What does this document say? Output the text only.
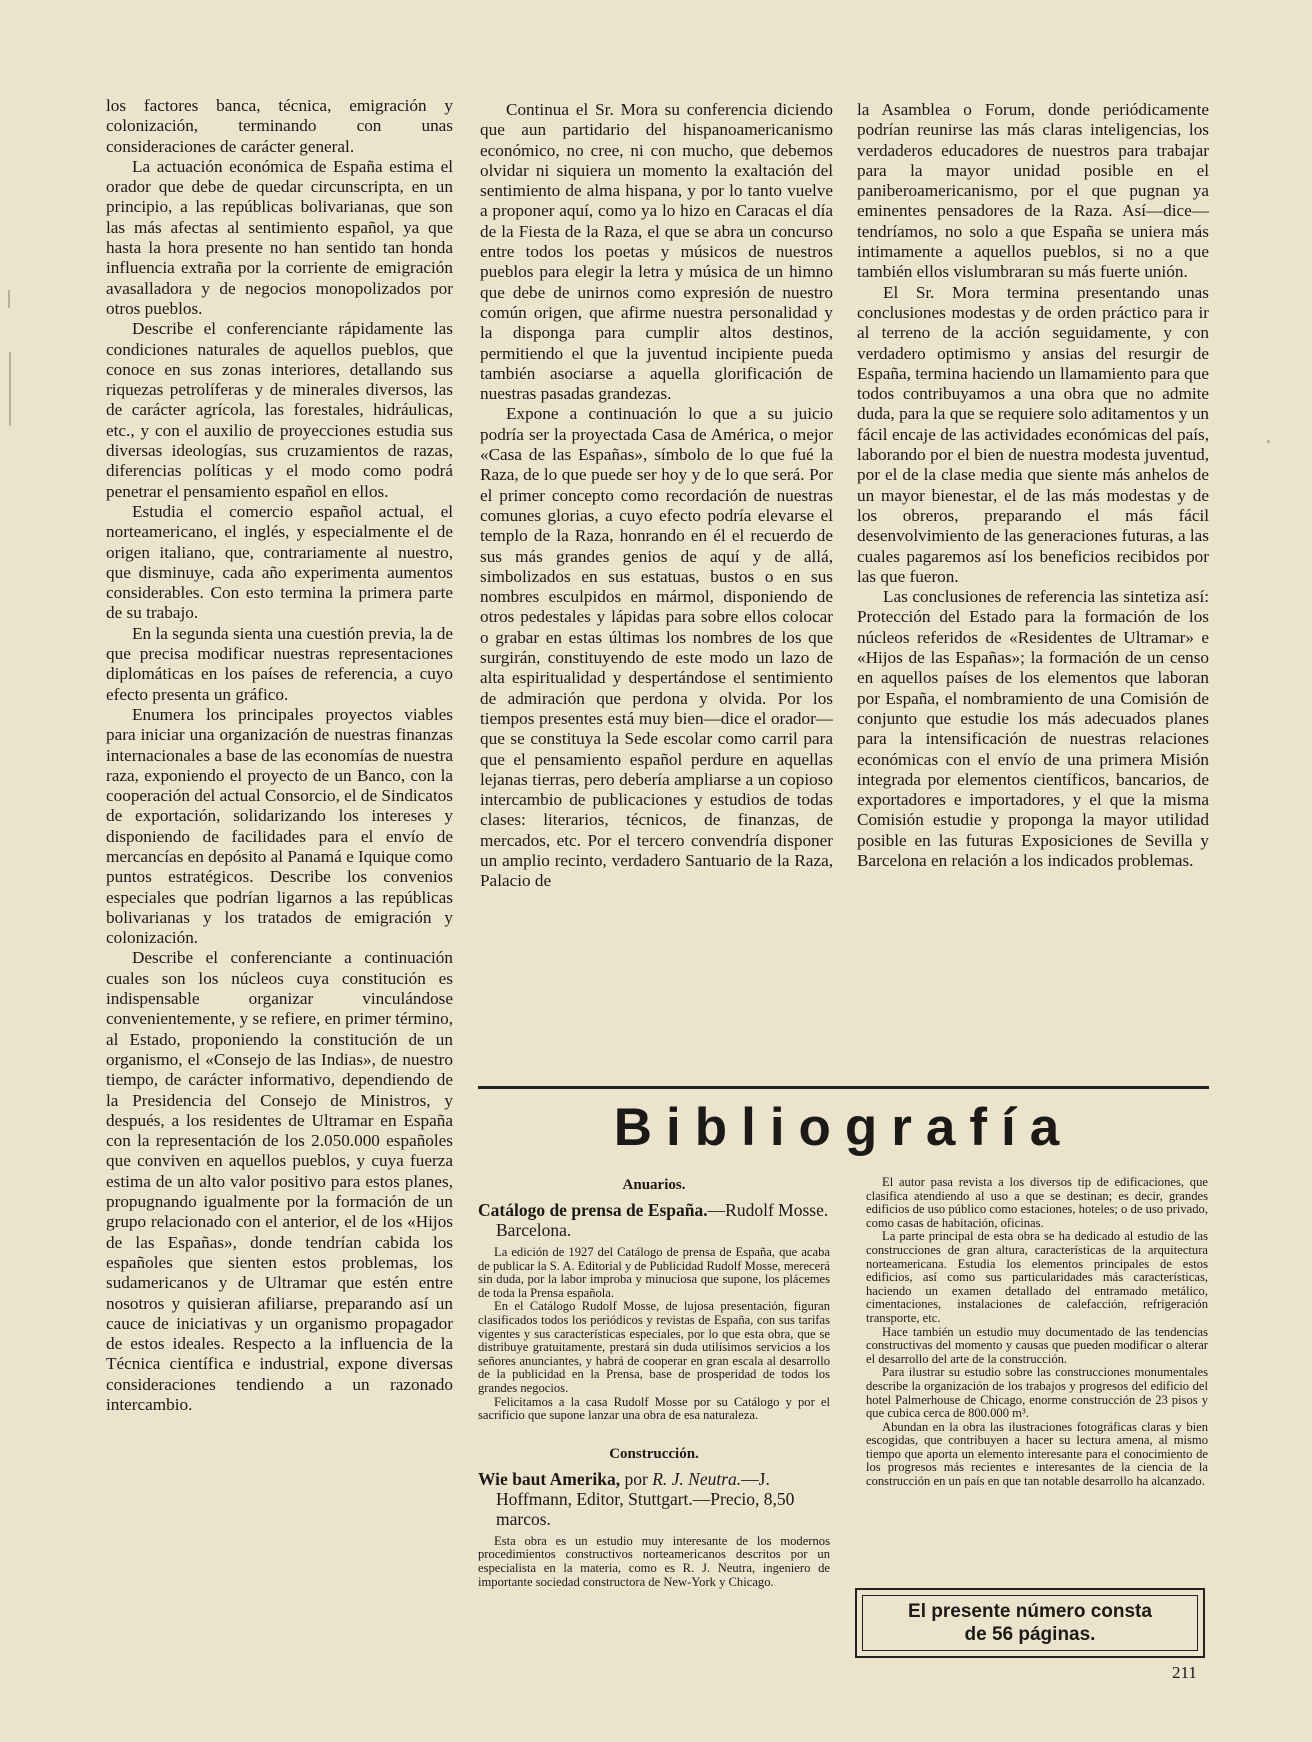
los factores banca, técnica, emigración y colonización, terminando con unas consideraciones de carácter general.

La actuación económica de España estima el orador que debe de quedar circunscripta, en un principio, a las repúblicas bolivarianas, que son las más afectas al sentimiento español, ya que hasta la hora presente no han sentido tan honda influencia extraña por la corriente de emigración avasalladora y de negocios monopolizados por otros pueblos.

Describe el conferenciante rápidamente las condiciones naturales de aquellos pueblos, que conoce en sus zonas interiores, detallando sus riquezas petrolíferas y de minerales diversos, las de carácter agrícola, las forestales, hidráulicas, etc., y con el auxilio de proyecciones estudia sus diversas ideologías, sus cruzamientos de razas, diferencias políticas y el modo como podrá penetrar el pensamiento español en ellos.

Estudia el comercio español actual, el norteamericano, el inglés, y especialmente el de origen italiano, que, contrariamente al nuestro, que disminuye, cada año experimenta aumentos considerables. Con esto termina la primera parte de su trabajo.

En la segunda sienta una cuestión previa, la de que precisa modificar nuestras representaciones diplomáticas en los países de referencia, a cuyo efecto presenta un gráfico.

Enumera los principales proyectos viables para iniciar una organización de nuestras finanzas internacionales a base de las economías de nuestra raza, exponiendo el proyecto de un Banco, con la cooperación del actual Consorcio, el de Sindicatos de exportación, solidarizando los intereses y disponiendo de facilidades para el envío de mercancías en depósito al Panamá e Iquique como puntos estratégicos. Describe los convenios especiales que podrían ligarnos a las repúblicas bolivarianas y los tratados de emigración y colonización.

Describe el conferenciante a continuación cuales son los núcleos cuya constitución es indispensable organizar vinculándose convenientemente, y se refiere, en primer término, al Estado, proponiendo la constitución de un organismo, el «Consejo de las Indias», de nuestro tiempo, de carácter informativo, dependiendo de la Presidencia del Consejo de Ministros, y después, a los residentes de Ultramar en España con la representación de los 2.050.000 españoles que conviven en aquellos pueblos, y cuya fuerza estima de un alto valor positivo para estos planes, propugnando igualmente por la formación de un grupo relacionado con el anterior, el de los «Hijos de las Españas», donde tendrían cabida los españoles que sienten estos problemas, los sudamericanos y de Ultramar que estén entre nosotros y quisieran afiliarse, preparando así un cauce de iniciativas y un organismo propagador de estos ideales. Respecto a la influencia de la Técnica científica e industrial, expone diversas consideraciones tendiendo a un razonado intercambio.

Continua el Sr. Mora su conferencia diciendo que aun partidario del hispanoamericanismo económico, no cree, ni con mucho, que debemos olvidar ni siquiera un momento la exaltación del sentimiento de alma hispana, y por lo tanto vuelve a proponer aquí, como ya lo hizo en Caracas el día de la Fiesta de la Raza, el que se abra un concurso entre todos los poetas y músicos de nuestros pueblos para elegir la letra y música de un himno que debe de unirnos como expresión de nuestro común origen, que afirme nuestra personalidad y la disponga para cumplir altos destinos, permitiendo el que la juventud incipiente pueda también asociarse a aquella glorificación de nuestras pasadas grandezas.

Expone a continuación lo que a su juicio podría ser la proyectada Casa de América, o mejor «Casa de las Españas», símbolo de lo que fué la Raza, de lo que puede ser hoy y de lo que será. Por el primer concepto como recordación de nuestras comunes glorias, a cuyo efecto podría elevarse el templo de la Raza, honrando en él el recuerdo de sus más grandes genios de aquí y de allá, simbolizados en sus estatuas, bustos o en sus nombres esculpidos en mármol, disponiendo de otros pedestales y lápidas para sobre ellos colocar o grabar en estas últimas los nombres de los que surgirán, constituyendo de este modo un lazo de alta espiritualidad y despertándose el sentimiento de admiración que perdona y olvida. Por los tiempos presentes está muy bien—dice el orador—que se constituya la Sede escolar como carril para que el pensamiento español perdure en aquellas lejanas tierras, pero debería ampliarse a un copioso intercambio de publicaciones y estudios de todas clases: literarios, técnicos, de finanzas, de mercados, etc. Por el tercero convendría disponer un amplio recinto, verdadero Santuario de la Raza, Palacio de

la Asamblea o Forum, donde periódicamente podrían reunirse las más claras inteligencias, los verdaderos educadores de nuestros para trabajar para la mayor unidad posible en el paniberoamericanismo, por el que pugnan ya eminentes pensadores de la Raza. Así—dice—tendríamos, no solo a que España se uniera más intimamente a aquellos pueblos, si no a que también ellos vislumbraran su más fuerte unión.

El Sr. Mora termina presentando unas conclusiones modestas y de orden práctico para ir al terreno de la acción seguidamente, y con verdadero optimismo y ansias del resurgir de España, termina haciendo un llamamiento para que todos contribuyamos a una obra que no admite duda, para la que se requiere solo aditamentos y un fácil encaje de las actividades económicas del país, laborando por el bien de nuestra modesta juventud, por el de la clase media que siente más anhelos de un mayor bienestar, el de las más modestas y de los obreros, preparando el más fácil desenvolvimiento de las generaciones futuras, a las cuales pagaremos así los beneficios recibidos por las que fueron.

Las conclusiones de referencia las sintetiza así: Protección del Estado para la formación de los núcleos referidos de «Residentes de Ultramar» e «Hijos de las Españas»; la formación de un censo en aquellos países de los elementos que laboran por España, el nombramiento de una Comisión de conjunto que estudie los más adecuados planes para la intensificación de nuestras relaciones económicas con el envío de una primera Misión integrada por elementos científicos, bancarios, de exportadores e importadores, y el que la misma Comisión estudie y proponga la mayor utilidad posible en las futuras Exposiciones de Sevilla y Barcelona en relación a los indicados problemas.

Bibliografía
Anuarios.
Catálogo de prensa de España.—Rudolf Mosse. Barcelona.

La edición de 1927 del Catálogo de prensa de España, que acaba de publicar la S. A. Editorial y de Publicidad Rudolf Mosse, merecerá sin duda, por la labor improba y minuciosa que supone, los plácemes de toda la Prensa española.

En el Catálogo Rudolf Mosse, de lujosa presentación, figuran clasificados todos los periódicos y revistas de España, con sus tarifas vigentes y sus características especiales, por lo que esta obra, que se distribuye gratuitamente, prestará sin duda utilísimos servicios a los señores anunciantes, y habrá de cooperar en gran escala al desarrollo de la publicidad en la Prensa, base de prosperidad de todos los grandes negocios.

Felicitamos a la casa Rudolf Mosse por su Catálogo y por el sacrificio que supone lanzar una obra de esa naturaleza.

Construcción.
Wie baut Amerika, por R. J. Neutra.—J. Hoffmann, Editor, Stuttgart.—Precio, 8,50 marcos.

Esta obra es un estudio muy interesante de los modernos procedimientos constructivos norteamericanos descritos por un especialista en la materia, como es R. J. Neutra, ingeniero de importante sociedad constructora de New-York y Chicago.

El autor pasa revista a los diversos tip de edificaciones, que clasifica atendiendo al uso a que se destinan; es decir, grandes edificios de uso público como estaciones, hoteles; o de uso privado, como casas de habitación, oficinas.

La parte principal de esta obra se ha dedicado al estudio de las construcciones de gran altura, características de la arquitectura norteamericana. Estudia los elementos principales de estos edificios, así como sus particularidades más características, haciendo un examen detallado del entramado metálico, cimentaciones, instalaciones de calefacción, refrigeración transporte, etc.

Hace también un estudio muy documentado de las tendencias constructivas del momento y causas que pueden modificar o alterar el desarrollo del arte de la construcción.

Para ilustrar su estudio sobre las construcciones monumentales describe la organización de los trabajos y progresos del edificio del hotel Palmerhouse de Chicago, enorme construcción de 23 pisos y que cubica cerca de 800.000 m³.

Abundan en la obra las ilustraciones fotográficas claras y bien escogidas, que contribuyen a hacer su lectura amena, al mismo tiempo que aporta un elemento interesante para el conocimiento de los progresos más recientes e interesantes de la ciencia de la construcción en un país en que tan notable desarrollo ha alcanzado.

El presente número consta
de 56 páginas.
211
